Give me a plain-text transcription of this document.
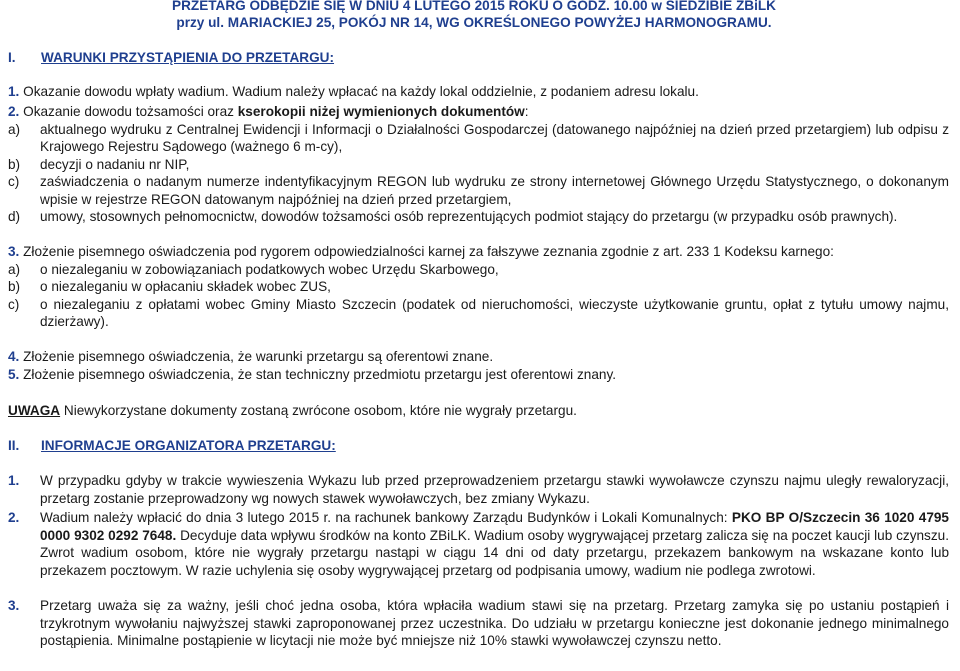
PRZETARG ODBĘDZIE SIĘ W DNIU 4 LUTEGO 2015 ROKU O GODZ. 10.00 w SIEDZIBIE ZBiLK
przy ul. MARIACKIEJ 25, POKÓJ NR 14, WG OKREŚLONEGO POWYŻEJ HARMONOGRAMU.
I. WARUNKI PRZYSTĄPIENIA DO PRZETARGU:
1. Okazanie dowodu wpłaty wadium. Wadium należy wpłacać na każdy lokal oddzielnie, z podaniem adresu lokalu.
2. Okazanie dowodu tożsamości oraz kserokopii niżej wymienionych dokumentów:
a)	aktualnego wydruku z Centralnej Ewidencji i Informacji o Działalności Gospodarczej (datowanego najpóźniej na dzień przed przetargiem) lub odpisu z Krajowego Rejestru Sądowego (ważnego 6 m-cy),
b)	decyzji o nadaniu nr NIP,
c)	zaświadczenia o nadanym numerze indentyfikacyjnym REGON lub wydruku ze strony internetowej Głównego Urzędu Statystycznego, o dokonanym wpisie w rejestrze REGON datowanym najpóźniej na dzień przed przetargiem,
d)	umowy, stosownych pełnomocnictw, dowodów tożsamości osób reprezentujących podmiot stający do przetargu (w przypadku osób prawnych).
3. Złożenie pisemnego oświadczenia pod rygorem odpowiedzialności karnej za fałszywe zeznania zgodnie z art. 233 1 Kodeksu karnego:
a)	o niezaleganiu w zobowiązaniach podatkowych wobec Urzędu Skarbowego,
b)	o niezaleganiu w opłacaniu składek wobec ZUS,
c)	o niezaleganiu z opłatami wobec Gminy Miasto Szczecin (podatek od nieruchomości, wieczyste użytkowanie gruntu, opłat z tytułu umowy najmu, dzierżawy).
4. Złożenie pisemnego oświadczenia, że warunki przetargu są oferentowi znane.
5. Złożenie pisemnego oświadczenia, że stan techniczny przedmiotu przetargu jest oferentowi znany.
UWAGA Niewykorzystane dokumenty zostaną zwrócone osobom, które nie wygrały przetargu.
II. INFORMACJE ORGANIZATORA PRZETARGU:
1. W przypadku gdyby w trakcie wywieszenia Wykazu lub przed przeprowadzeniem przetargu stawki wywoławcze czynszu najmu uległy rewaloryzacji, przetarg zostanie przeprowadzony wg nowych stawek wywoławczych, bez zmiany Wykazu.
2. Wadium należy wpłacić do dnia 3 lutego 2015 r. na rachunek bankowy Zarządu Budynków i Lokali Komunalnych: PKO BP O/Szczecin 36 1020 4795 0000 9302 0292 7648. Decyduje data wpływu środków na konto ZBiLK. Wadium osoby wygrywającej przetarg zalicza się na poczet kaucji lub czynszu. Zwrot wadium osobom, które nie wygrały przetargu nastąpi w ciągu 14 dni od daty przetargu, przekazem bankowym na wskazane konto lub przekazem pocztowym. W razie uchylenia się osoby wygrywającej przetarg od podpisania umowy, wadium nie podlega zwrotowi.
3. Przetarg uważa się za ważny, jeśli choć jedna osoba, która wpłaciła wadium stawi się na przetarg. Przetarg zamyka się po ustaniu postąpień i trzykrotnym wywołaniu najwyższej stawki zaproponowanej przez uczestnika. Do udziału w przetargu konieczne jest dokonanie jednego minimalnego postąpienia. Minimalne postąpienie w licytacji nie może być mniejsze niż 10% stawki wywoławczej czynszu netto.
